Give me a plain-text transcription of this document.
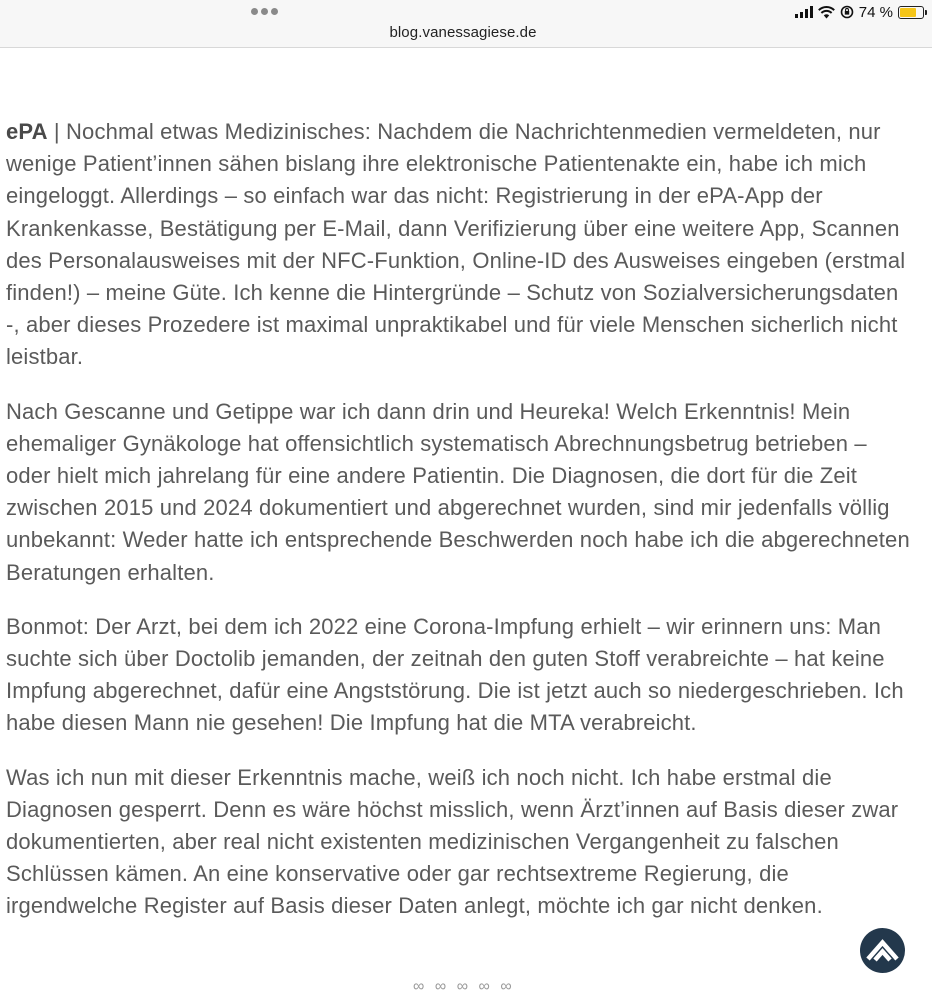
blog.vanessagiese.de
74 %

ePA | Nochmal etwas Medizinisches: Nachdem die Nachrichtenmedien vermeldeten, nur wenige Patient’innen sähen bislang ihre elektronische Patientenakte ein, habe ich mich eingeloggt. Allerdings – so einfach war das nicht: Registrierung in der ePA-App der Krankenkasse, Bestätigung per E-Mail, dann Verifizierung über eine weitere App, Scannen des Personalausweises mit der NFC-Funktion, Online-ID des Ausweises eingeben (erstmal finden!) – meine Güte. Ich kenne die Hintergründe – Schutz von Sozialversicherungsdaten -, aber dieses Prozedere ist maximal unpraktikabel und für viele Menschen sicherlich nicht leistbar.

Nach Gescanne und Getippe war ich dann drin und Heureka! Welch Erkenntnis! Mein ehemaliger Gynäkologe hat offensichtlich systematisch Abrechnungsbetrug betrieben – oder hielt mich jahrelang für eine andere Patientin. Die Diagnosen, die dort für die Zeit zwischen 2015 und 2024 dokumentiert und abgerechnet wurden, sind mir jedenfalls völlig unbekannt: Weder hatte ich entsprechende Beschwerden noch habe ich die abgerechneten Beratungen erhalten.

Bonmot: Der Arzt, bei dem ich 2022 eine Corona-Impfung erhielt – wir erinnern uns: Man suchte sich über Doctolib jemanden, der zeitnah den guten Stoff verabreichte – hat keine Impfung abgerechnet, dafür eine Angststörung. Die ist jetzt auch so niedergeschrieben. Ich habe diesen Mann nie gesehen! Die Impfung hat die MTA verabreicht.

Was ich nun mit dieser Erkenntnis mache, weiß ich noch nicht. Ich habe erstmal die Diagnosen gesperrt. Denn es wäre höchst misslich, wenn Ärzt’innen auf Basis dieser zwar dokumentierten, aber real nicht existenten medizinischen Vergangenheit zu falschen Schlüssen kämen. An eine konservative oder gar rechtsextreme Regierung, die irgendwelche Register auf Basis dieser Daten anlegt, möchte ich gar nicht denken.

∞ ∞ ∞ ∞ ∞
